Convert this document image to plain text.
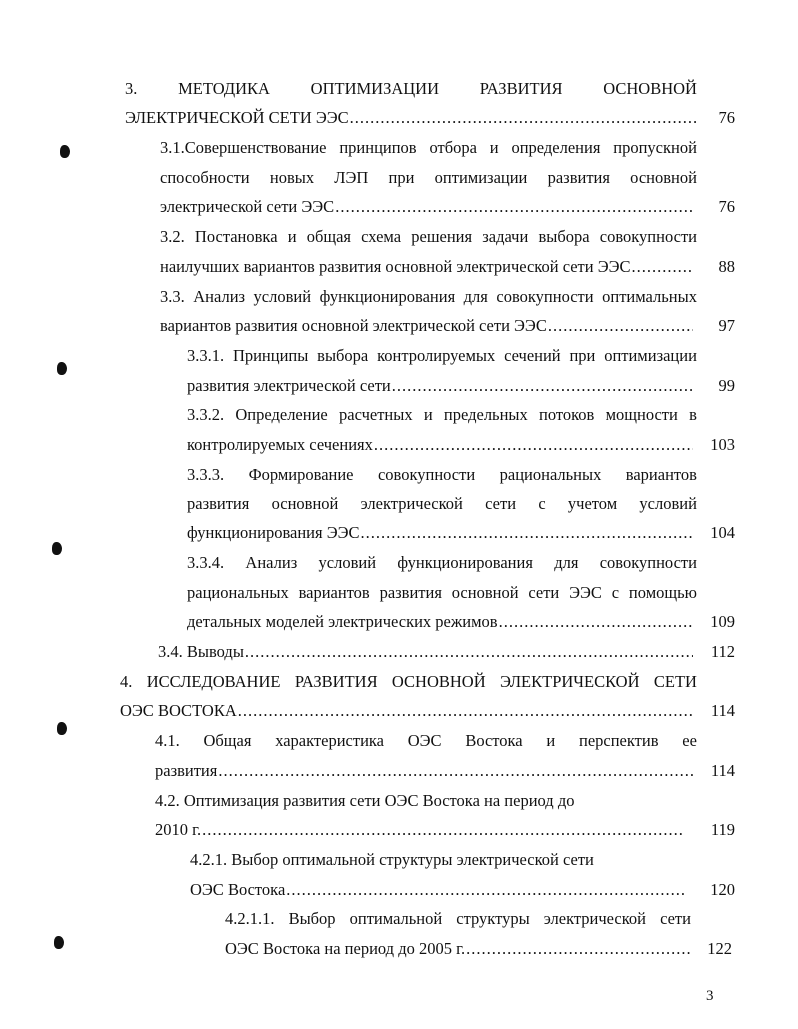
3. МЕТОДИКА ОПТИМИЗАЦИИ РАЗВИТИЯ ОСНОВНОЙ
ЭЛЕКТРИЧЕСКОЙ СЕТИ ЭЭС .....	76
3.1.Совершенствование принципов отбора и определения пропускной
способности новых ЛЭП при оптимизации развития основной
электрической сети ЭЭС .....	76
3.2. Постановка и общая схема решения задачи выбора совокупности
наилучших вариантов развития основной электрической сети ЭЭС .....	88
3.3. Анализ условий функционирования для совокупности оптимальных
вариантов развития основной электрической сети ЭЭС .....	97
3.3.1. Принципы выбора контролируемых сечений при оптимизации
развития электрической сети .....	99
3.3.2. Определение расчетных и предельных потоков мощности в
контролируемых сечениях .....	103
3.3.3. Формирование совокупности рациональных вариантов
развития основной электрической сети с учетом условий
функционирования ЭЭС .....	104
3.3.4. Анализ условий функционирования для совокупности
рациональных вариантов развития основной сети ЭЭС с помощью
детальных моделей электрических режимов .....	109
3.4. Выводы .....	112
4. ИССЛЕДОВАНИЕ РАЗВИТИЯ ОСНОВНОЙ ЭЛЕКТРИЧЕСКОЙ СЕТИ
ОЭС ВОСТОКА .....	114
4.1. Общая характеристика ОЭС Востока и перспектив ее
развития .....	114
4.2. Оптимизация развития сети ОЭС Востока на период до
2010 г. .....	119
4.2.1. Выбор оптимальной структуры электрической сети
ОЭС Востока .....	120
4.2.1.1. Выбор оптимальной структуры электрической сети
ОЭС Востока на период до 2005 г. .....	122
3
